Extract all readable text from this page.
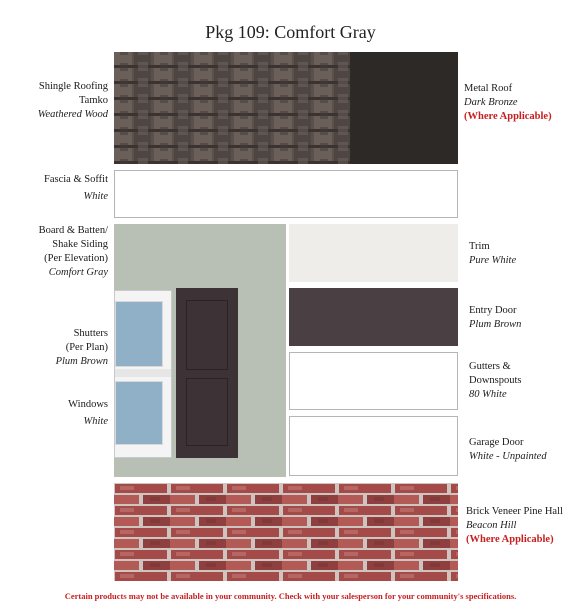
Pkg 109: Comfort Gray
Shingle Roofing
Tamko
Weathered Wood
Fascia & Soffit
White
Board & Batten/
Shake Siding
(Per Elevation)
Comfort Gray
Shutters
(Per Plan)
Plum Brown
Windows
White
Metal Roof
Dark Bronze
(Where Applicable)
Trim
Pure White
Entry Door
Plum Brown
Gutters &
Downspouts
80 White
Garage Door
White - Unpainted
Brick Veneer Pine Hall
Beacon Hill
(Where Applicable)
Certain products may not be available in your community. Check with your salesperson for your community's specifications.
